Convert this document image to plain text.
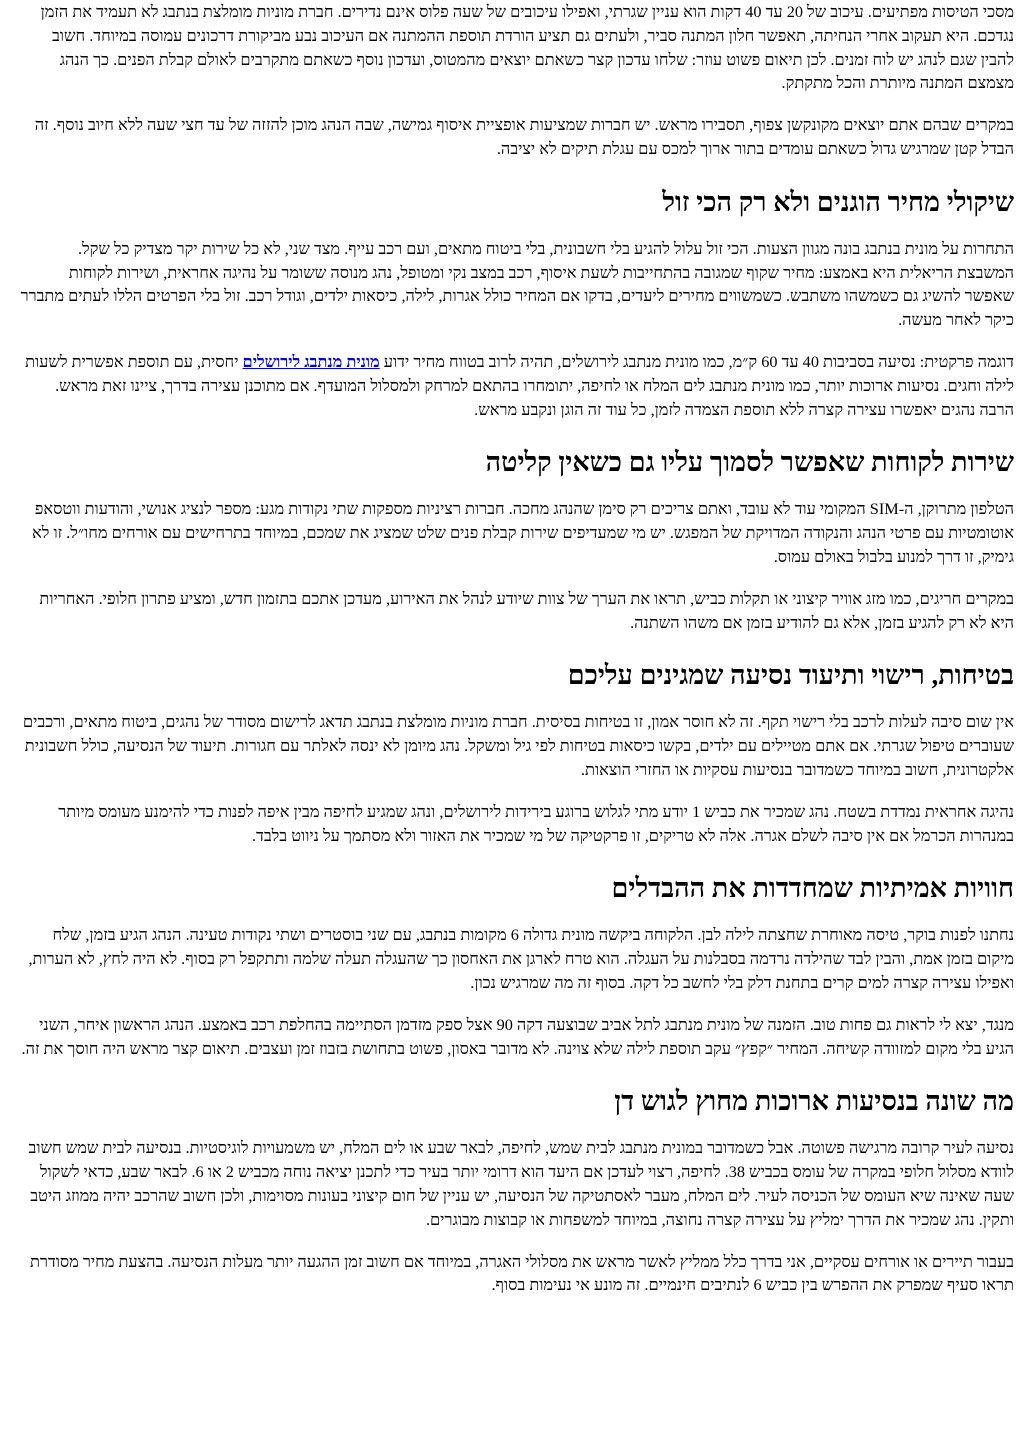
מסכי הטיסות מפתיעים. עיכוב של 20 עד 40 דקות הוא עניין שגרתי, ואפילו עיכובים של שעה פלוס אינם נדירים. חברת מוניות מומלצת בנתבג לא תעמיד את הזמן נגדכם. היא תעקוב אחרי הנחיתה, תאפשר חלון המתנה סביר, ולעתים גם תציע הורדת תוספת ההמתנה אם העיכוב נבע מביקורת דרכונים עמוסה במיוחד. חשוב להבין שגם לנהג יש לוח זמנים. לכן תיאום פשוט עוזר: שלחו עדכון קצר כשאתם יוצאים מהמטוס, ועדכון נוסף כשאתם מתקרבים לאולם קבלת הפנים. כך הנהג מצמצם המתנה מיותרת והכל מתקתק.

במקרים שבהם אתם יוצאים מקונקשן צפוף, תסבירו מראש. יש חברות שמציעות אופציית איסוף גמישה, שבה הנהג מוכן להזזה של עד חצי שעה ללא חיוב נוסף. זה הבדל קטן שמרגיש גדול כשאתם עומדים בתור ארוך למכס עם עגלת תיקים לא יציבה.

שיקולי מחיר הוגנים ולא רק הכי זול

התחרות על מונית בנתבג בונה מגוון הצעות. הכי זול עלול להגיע בלי חשבונית, בלי ביטוח מתאים, ועם רכב עייף. מצד שני, לא כל שירות יקר מצדיק כל שקל. המשבצת הריאלית היא באמצע: מחיר שקוף שמגובה בהתחייבות לשעת איסוף, רכב במצב נקי ומטופל, נהג מנוסה ששומר על נהיגה אחראית, ושירות לקוחות שאפשר להשיג גם כשמשהו משתבש. כשמשווים מחירים ליעדים, בדקו אם המחיר כולל אגרות, לילה, כיסאות ילדים, וגודל רכב. זול בלי הפרטים הללו לעתים מתברר כיקר לאחר מעשה.

דוגמה פרקטית: נסיעה בסביבות 40 עד 60 ק״מ, כמו מונית מנתבג לירושלים, תהיה לרוב בטווח מחיר ידוע מונית מנתבג לירושלים יחסית, עם תוספת אפשרית לשעות לילה וחגים. נסיעות ארוכות יותר, כמו מונית מנתבג לים המלח או לחיפה, יתומחרו בהתאם למרחק ולמסלול המועדף. אם מתוכנן עצירה בדרך, ציינו זאת מראש. הרבה נהגים יאפשרו עצירה קצרה ללא תוספת הצמדה לזמן, כל עוד זה הוגן ונקבע מראש.

שירות לקוחות שאפשר לסמוך עליו גם כשאין קליטה

הטלפון מתרוקן, ה-SIM המקומי עוד לא עובד, ואתם צריכים רק סימן שהנהג מחכה. חברות רציניות מספקות שתי נקודות מגע: מספר לנציג אנושי, והודעות ווטסאפ אוטומטיות עם פרטי הנהג והנקודה המדויקת של המפגש. יש מי שמעדיפים שירות קבלת פנים שלט שמציג את שמכם, במיוחד בתרחישים עם אורחים מחו״ל. זו לא גימיק, זו דרך למנוע בלבול באולם עמוס.

במקרים חריגים, כמו מזג אוויר קיצוני או תקלות כביש, תראו את הערך של צוות שיודע לנהל את האירוע, מעדכן אתכם בתזמון חדש, ומציע פתרון חלופי. האחריות היא לא רק להגיע בזמן, אלא גם להודיע בזמן אם משהו השתנה.

בטיחות, רישוי ותיעוד נסיעה שמגינים עליכם

אין שום סיבה לעלות לרכב בלי רישוי תקף. זה לא חוסר אמון, זו בטיחות בסיסית. חברת מוניות מומלצת בנתבג תדאג לרישום מסודר של נהגים, ביטוח מתאים, ורכבים שעוברים טיפול שגרתי. אם אתם מטיילים עם ילדים, בקשו כיסאות בטיחות לפי גיל ומשקל. נהג מיומן לא ינסה לאלתר עם חגורות. תיעוד של הנסיעה, כולל חשבונית אלקטרונית, חשוב במיוחד כשמדובר בנסיעות עסקיות או החזרי הוצאות.

נהיגה אחראית נמדדת בשטח. נהג שמכיר את כביש 1 יודע מתי לגלוש ברוגע בירידות לירושלים, ונהג שמגיע לחיפה מבין איפה לפנות כדי להימנע מעומס מיותר במנהרות הכרמל אם אין סיבה לשלם אגרה. אלה לא טריקים, זו פרקטיקה של מי שמכיר את האזור ולא מסתמך על ניווט בלבד.

חוויות אמיתיות שמחדדות את ההבדלים

נחתנו לפנות בוקר, טיסה מאוחרת שחצתה לילה לבן. הלקוחה ביקשה מונית גדולה 6 מקומות בנתבג, עם שני בוסטרים ושתי נקודות טעינה. הנהג הגיע בזמן, שלח מיקום בזמן אמת, והבין לבד שהילדה נרדמה בסבלנות על העגלה. הוא טרח לארגן את האחסון כך שהעגלה תעלה שלמה ותתקפל רק בסוף. לא היה לחץ, לא הערות, ואפילו עצירה קצרה למים קרים בתחנת דלק בלי לחשב כל דקה. בסוף זה מה שמרגיש נכון.

מנגד, יצא לי לראות גם פחות טוב. הזמנה של מונית מנתבג לתל אביב שבוצעה דקה 90 אצל ספק מזדמן הסתיימה בהחלפת רכב באמצע. הנהג הראשון איחר, השני הגיע בלי מקום למזוודה קשיחה. המחיר ״קפץ״ עקב תוספת לילה שלא צוינה. לא מדובר באסון, פשוט בתחושת בזבוז זמן ועצבים. תיאום קצר מראש היה חוסך את זה.

מה שונה בנסיעות ארוכות מחוץ לגוש דן

נסיעה לעיר קרובה מרגישה פשוטה. אבל כשמדובר במונית מנתבג לבית שמש, לחיפה, לבאר שבע או לים המלח, יש משמעויות לוגיסטיות. בנסיעה לבית שמש חשוב לוודא מסלול חלופי במקרה של עומס בכביש 38. לחיפה, רצוי לעדכן אם היעד הוא דרומי יותר בעיר כדי לתכנן יציאה נוחה מכביש 2 או 6. לבאר שבע, כדאי לשקול שעה שאינה שיא העומס של הכניסה לעיר. לים המלח, מעבר לאסתטיקה של הנסיעה, יש עניין של חום קיצוני בעונות מסוימות, ולכן חשוב שהרכב יהיה ממוזג היטב ותקין. נהג שמכיר את הדרך ימליץ על עצירה קצרה נחוצה, במיוחד למשפחות או קבוצות מבוגרים.

בעבור תיירים או אורחים עסקיים, אני בדרך כלל ממליץ לאשר מראש את מסלולי האגרה, במיוחד אם חשוב זמן ההגעה יותר מעלות הנסיעה. בהצעת מחיר מסודרת תראו סעיף שמפרק את ההפרש בין כביש 6 לנתיבים חינמיים. זה מונע אי נעימות בסוף.
